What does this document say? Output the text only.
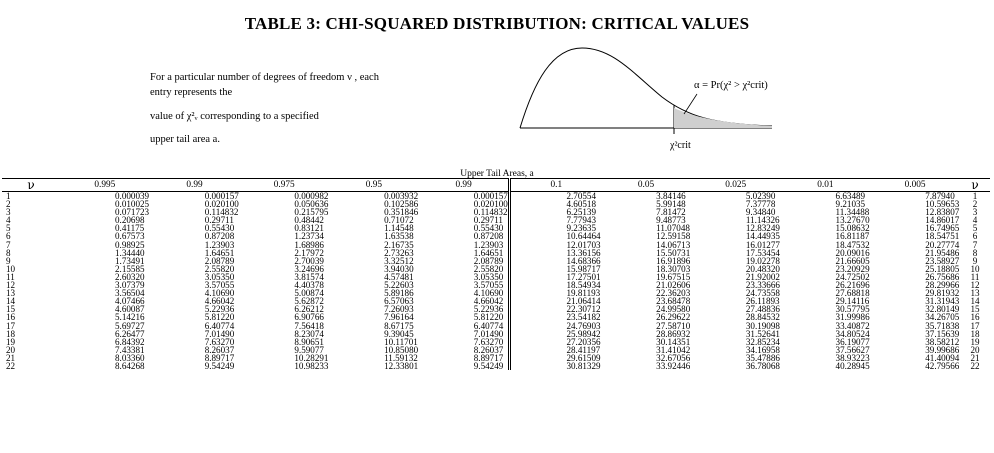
TABLE 3: CHI-SQUARED DISTRIBUTION: CRITICAL VALUES
For a particular number of degrees of freedom ν , each entry represents the
value of χ²ᵥ corresponding to a specified
upper tail area a.
α = Pr(χ² > χ²crit)
χ²crit
Upper Tail Areas, a
ν	0.995	0.99	0.975	0.95	0.99	0.1	0.05	0.025	0.01	0.005	ν
1	0.000039	0.000157	0.000982	0.003932	0.000157	2.70554	3.84146	5.02390	6.63489	7.87940	1
2	0.010025	0.020100	0.050636	0.102586	0.020100	4.60518	5.99148	7.37778	9.21035	10.59653	2
3	0.071723	0.114832	0.215795	0.351846	0.114832	6.25139	7.81472	9.34840	11.34488	12.83807	3
4	0.20698	0.29711	0.48442	0.71072	0.29711	7.77943	9.48773	11.14326	13.27670	14.86017	4
5	0.41175	0.55430	0.83121	1.14548	0.55430	9.23635	11.07048	12.83249	15.08632	16.74965	5
6	0.67573	0.87208	1.23734	1.63538	0.87208	10.64464	12.59158	14.44935	16.81187	18.54751	6
7	0.98925	1.23903	1.68986	2.16735	1.23903	12.01703	14.06713	16.01277	18.47532	20.27774	7
8	1.34440	1.64651	2.17972	2.73263	1.64651	13.36156	15.50731	17.53454	20.09016	21.95486	8
9	1.73491	2.08789	2.70039	3.32512	2.08789	14.68366	16.91896	19.02278	21.66605	23.58927	9
10	2.15585	2.55820	3.24696	3.94030	2.55820	15.98717	18.30703	20.48320	23.20929	25.18805	10
11	2.60320	3.05350	3.81574	4.57481	3.05350	17.27501	19.67515	21.92002	24.72502	26.75686	11
12	3.07379	3.57055	4.40378	5.22603	3.57055	18.54934	21.02606	23.33666	26.21696	28.29966	12
13	3.56504	4.10690	5.00874	5.89186	4.10690	19.81193	22.36203	24.73558	27.68818	29.81932	13
14	4.07466	4.66042	5.62872	6.57063	4.66042	21.06414	23.68478	26.11893	29.14116	31.31943	14
15	4.60087	5.22936	6.26212	7.26093	5.22936	22.30712	24.99580	27.48836	30.57795	32.80149	15
16	5.14216	5.81220	6.90766	7.96164	5.81220	23.54182	26.29622	28.84532	31.99986	34.26705	16
17	5.69727	6.40774	7.56418	8.67175	6.40774	24.76903	27.58710	30.19098	33.40872	35.71838	17
18	6.26477	7.01490	8.23074	9.39045	7.01490	25.98942	28.86932	31.52641	34.80524	37.15639	18
19	6.84392	7.63270	8.90651	10.11701	7.63270	27.20356	30.14351	32.85234	36.19077	38.58212	19
20	7.43381	8.26037	9.59077	10.85080	8.26037	28.41197	31.41042	34.16958	37.56627	39.99686	20
21	8.03360	8.89717	10.28291	11.59132	8.89717	29.61509	32.67056	35.47886	38.93223	41.40094	21
22	8.64268	9.54249	10.98233	12.33801	9.54249	30.81329	33.92446	36.78068	40.28945	42.79566	22
